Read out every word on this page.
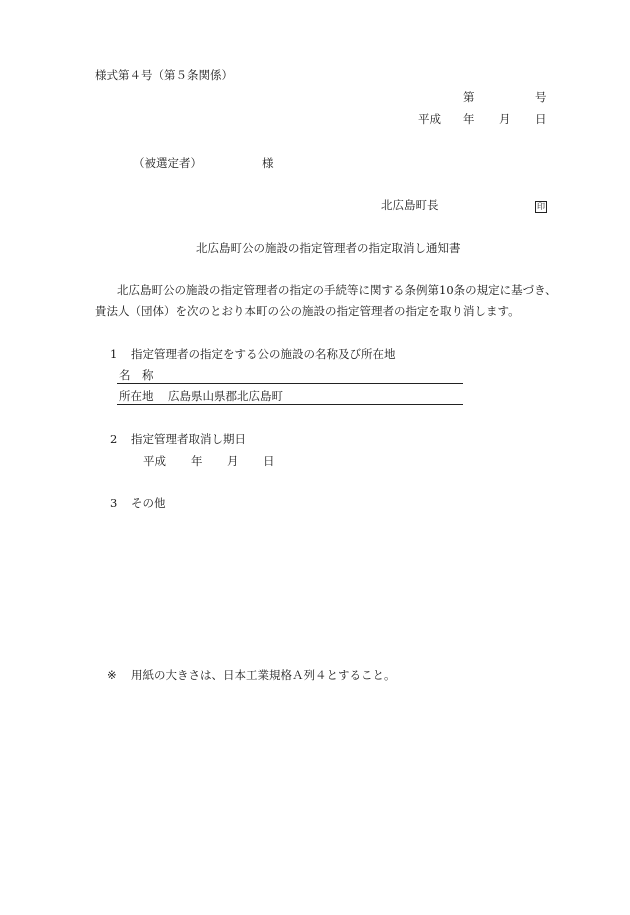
様式第４号（第５条関係）
第	号
平成 年 月 日
（被選定者）	様
北広島町長	印
北広島町公の施設の指定管理者の指定取消し通知書
北広島町公の施設の指定管理者の指定の手続等に関する条例第10条の規定に基づき、貴法人（団体）を次のとおり本町の公の施設の指定管理者の指定を取り消します。
1 指定管理者の指定をする公の施設の名称及び所在地
名　称
所在地 広島県山県郡北広島町
2 指定管理者取消し期日
平成 年 月 日
3 その他
※ 用紙の大きさは、日本工業規格Ａ列４とすること。
